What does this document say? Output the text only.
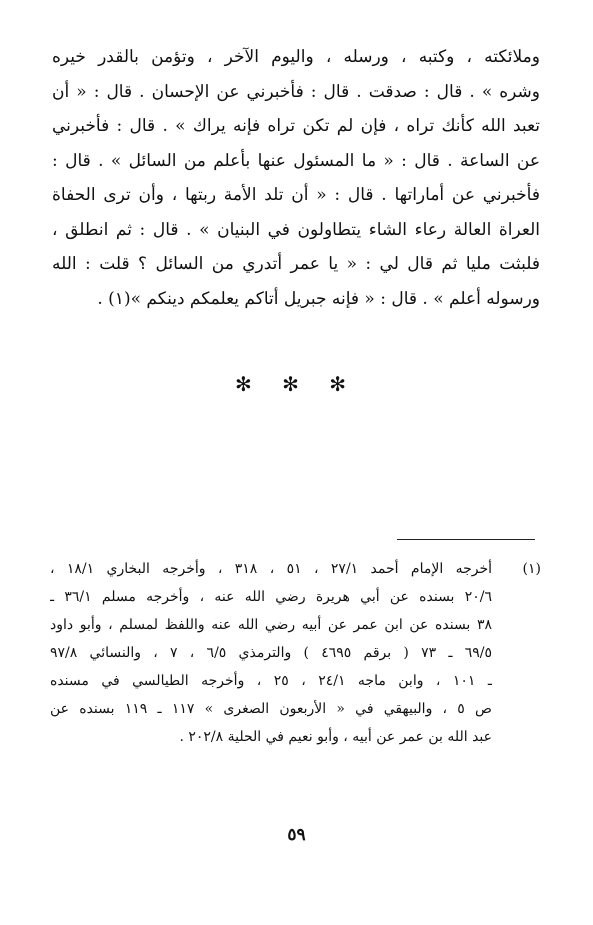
وملائكته ، وكتبه ، ورسله ، واليوم الآخر ، وتؤمن بالقدر خيره
وشره » . قال : صدقت . قال : فأخبرني عن الإحسان . قال : « أن
تعبد الله كأنك تراه ، فإن لم تكن تراه فإنه يراك » . قال : فأخبرني
عن الساعة . قال : « ما المسئول عنها بأعلم من السائل » . قال :
فأخبرني عن أماراتها . قال : « أن تلد الأمة ربتها ، وأن ترى الحفاة
العراة العالة رعاء الشاء يتطاولون في البنيان » . قال : ثم انطلق ،
فلبثت مليا ثم قال لي : « يا عمر أتدري من السائل ؟ قلت : الله
ورسوله أعلم » . قال : « فإنه جبريل أتاكم يعلمكم دينكم »(١) .
✻ ✻ ✻
(١)
أخرجه الإمام أحمد ٢٧/١ ، ٥١ ، ٣١٨ ، وأخرجه البخاري ١٨/١ ،
٢٠/٦ بسنده عن أبي هريرة رضي الله عنه ، وأخرجه مسلم ٣٦/١ ـ
٣٨ بسنده عن ابن عمر عن أبيه رضي الله عنه واللفظ لمسلم ، وأبو داود
٦٩/٥ ـ ٧٣ ( برقم ٤٦٩٥ ) والترمذي ٦/٥ ، ٧ ، والنسائي ٩٧/٨
ـ ١٠١ ، وابن ماجه ٢٤/١ ، ٢٥ ، وأخرجه الطيالسي في مسنده
ص ٥ ، والبيهقي في « الأربعون الصغرى » ١١٧ ـ ١١٩ بسنده عن
عبد الله بن عمر عن أبيه ، وأبو نعيم في الحلية ٢٠٢/٨ .
٥٩
